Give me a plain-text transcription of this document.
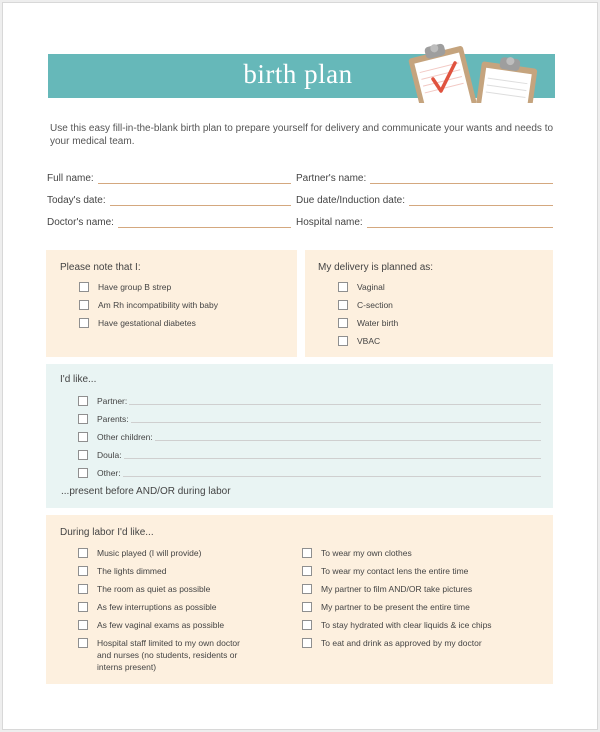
birth plan
Use this easy fill-in-the-blank birth plan to prepare yourself for delivery and communicate your wants and needs to your medical team.
Full name:	Partner's name:
Today's date:	Due date/Induction date:
Doctor's name:	Hospital name:
Please note that I:
Have group B strep
Am Rh incompatibility with baby
Have gestational diabetes
My delivery is planned as:
Vaginal
C-section
Water birth
VBAC
I'd like...
Partner:
Parents:
Other children:
Doula:
Other:
...present before AND/OR during labor
During labor I'd like...
Music played (I will provide)
The lights dimmed
The room as quiet as possible
As few interruptions as possible
As few vaginal exams as possible
Hospital staff limited to my own doctor
and nurses (no students, residents or
interns present)
To wear my own clothes
To wear my contact lens the entire time
My partner to film AND/OR take pictures
My partner to be present the entire time
To stay hydrated with clear liquids & ice chips
To eat and drink as approved by my doctor
